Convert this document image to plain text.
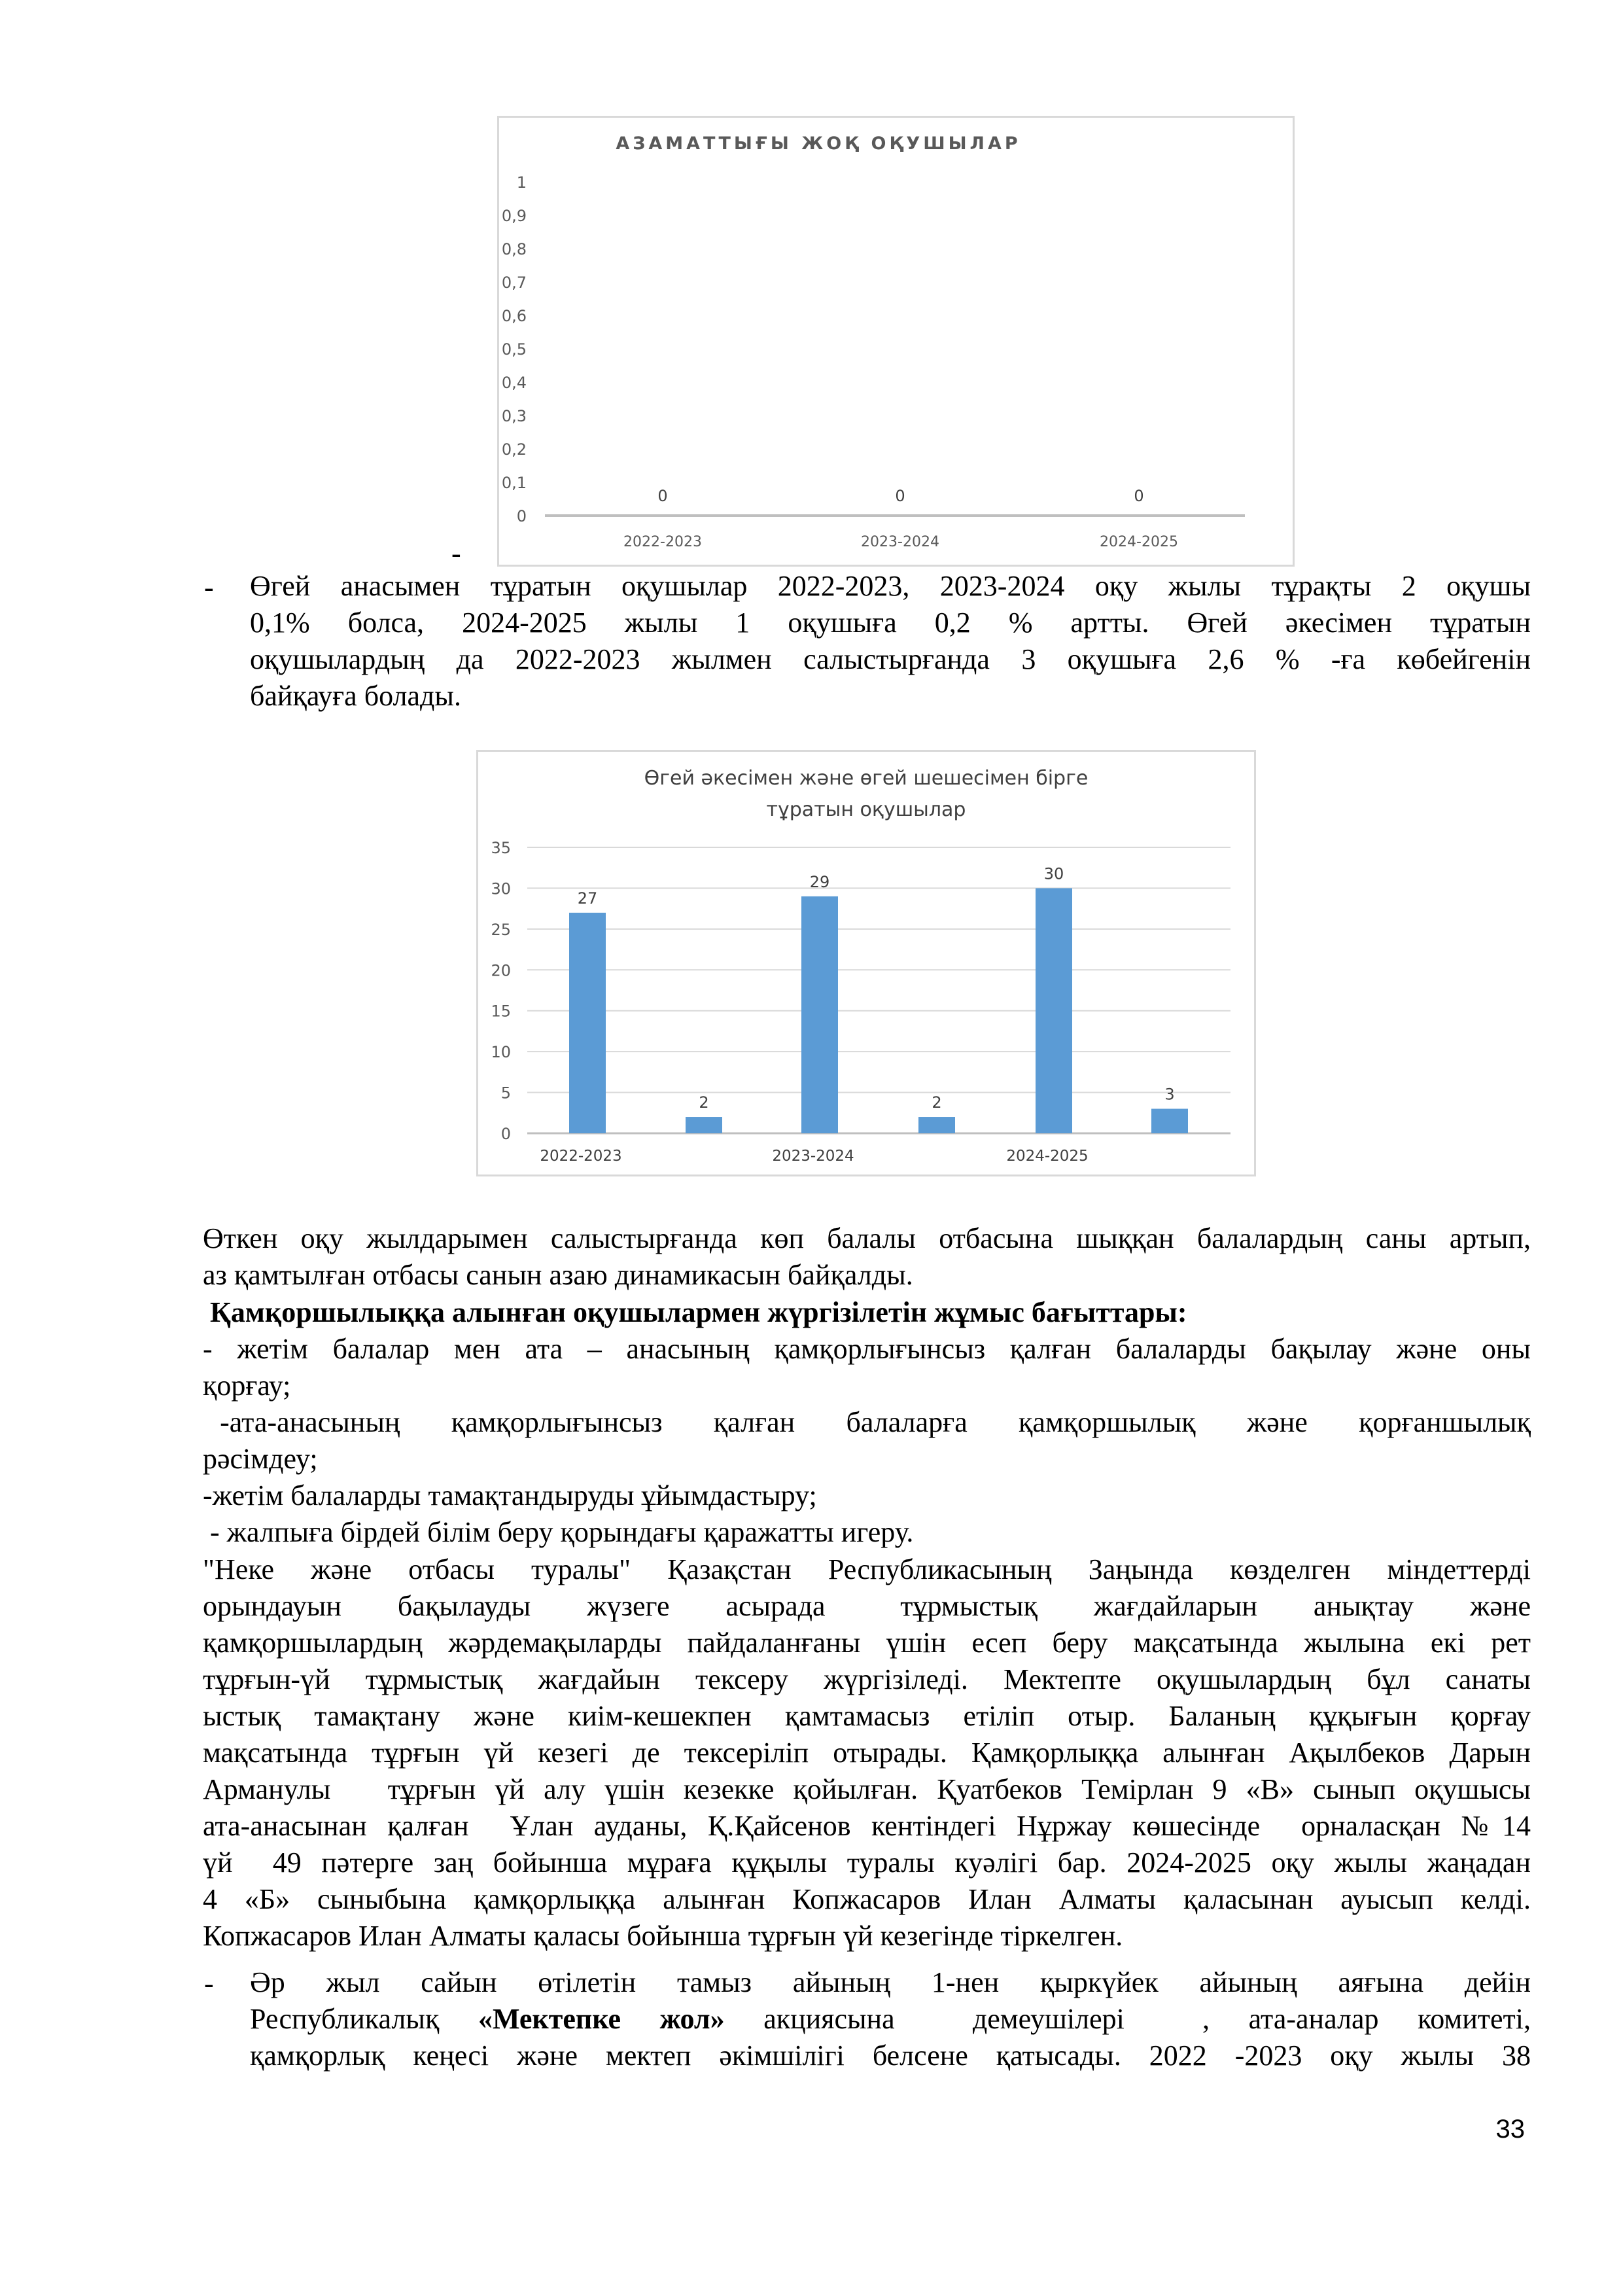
АЗАМАТТЫҒЫ ЖОҚ ОҚУШЫЛАР
1
0,9
0,8
0,7
0,6
0,5
0,4
0,3
0,2
0,1
0
0	0	0
2022-2023	2023-2024	2024-2025
-
- Өгей анасымен тұратын оқушылар 2022-2023, 2023-2024 оқу жылы тұрақты 2 оқушы
0,1% болса, 2024-2025 жылы 1 оқушыға 0,2 % артты. Өгей әкесімен тұратын
оқушылардың да 2022-2023 жылмен салыстырғанда 3 оқушыға 2,6 % -ға көбейгенін
байқауға болады.
Өгей әкесімен және өгей шешесімен бірге
тұратын оқушылар
35
30
25
20
15
10
5
0
27
2
29
2
30
3
2022-2023	2023-2024	2024-2025
Өткен оқу жылдарымен салыстырғанда көп балалы отбасына шыққан балалардың саны артып,
аз қамтылған отбасы санын азаю динамикасын байқалды.
Қамқоршылыққа алынған оқушылармен жүргізілетін жұмыс бағыттары:
- жетім балалар мен ата – анасының қамқорлығынсыз қалған балаларды бақылау және оны
қорғау;
-ата-анасының   қамқорлығынсыз   қалған   балаларға   қамқоршылық   және   қорғаншылық
рәсімдеу;
-жетім балаларды тамақтандыруды ұйымдастыру;
- жалпыға бірдей білім беру қорындағы қаражатты игеру.
"Неке және отбасы туралы" Қазақстан Республикасының Заңында көзделген міндеттерді
орындауын   бақылауды   жүзеге   асырада    тұрмыстық   жағдайларын   анықтау   және
қамқоршылардың жәрдемақыларды пайдаланғаны үшін есеп беру мақсатында жылына екі рет
тұрғын-үй тұрмыстық жағдайын тексеру жүргізіледі. Мектепте оқушылардың бұл санаты
ыстық тамақтану және киім-кешекпен қамтамасыз етіліп отыр. Баланың құқығын қорғау
мақсатында тұрғын үй кезегі де тексеріліп отырады. Қамқорлыққа алынған Ақылбеков Дарын
Арманулы   тұрғын үй алу үшін кезекке қойылған. Қуатбеков Темірлан 9 «В» сынып оқушысы
ата-анасынан қалған  Ұлан ауданы, Қ.Қайсенов кентіндегі Нұржау көшесінде  орналасқан №14
үй  49 пәтерге заң бойынша мұраға құқылы туралы куәлігі бар. 2024-2025 оқу жылы жаңадан
4 «Б» сыныбына қамқорлыққа алынған Копжасаров Илан Алматы қаласынан ауысып келді.
Копжасаров Илан Алматы қаласы бойынша тұрғын үй кезегінде тіркелген.
- Әр  жыл  сайын  өтілетін  тамыз  айының  1-нен  қыркүйек  айының  аяғына  дейін
Республикалық  «Мектепке  жол»  акциясына    демеушілері    ,  ата-аналар  комитеті,
қамқорлық кеңесі және мектеп әкімшілігі белсене қатысады. 2022 -2023 оқу жылы 38
33
